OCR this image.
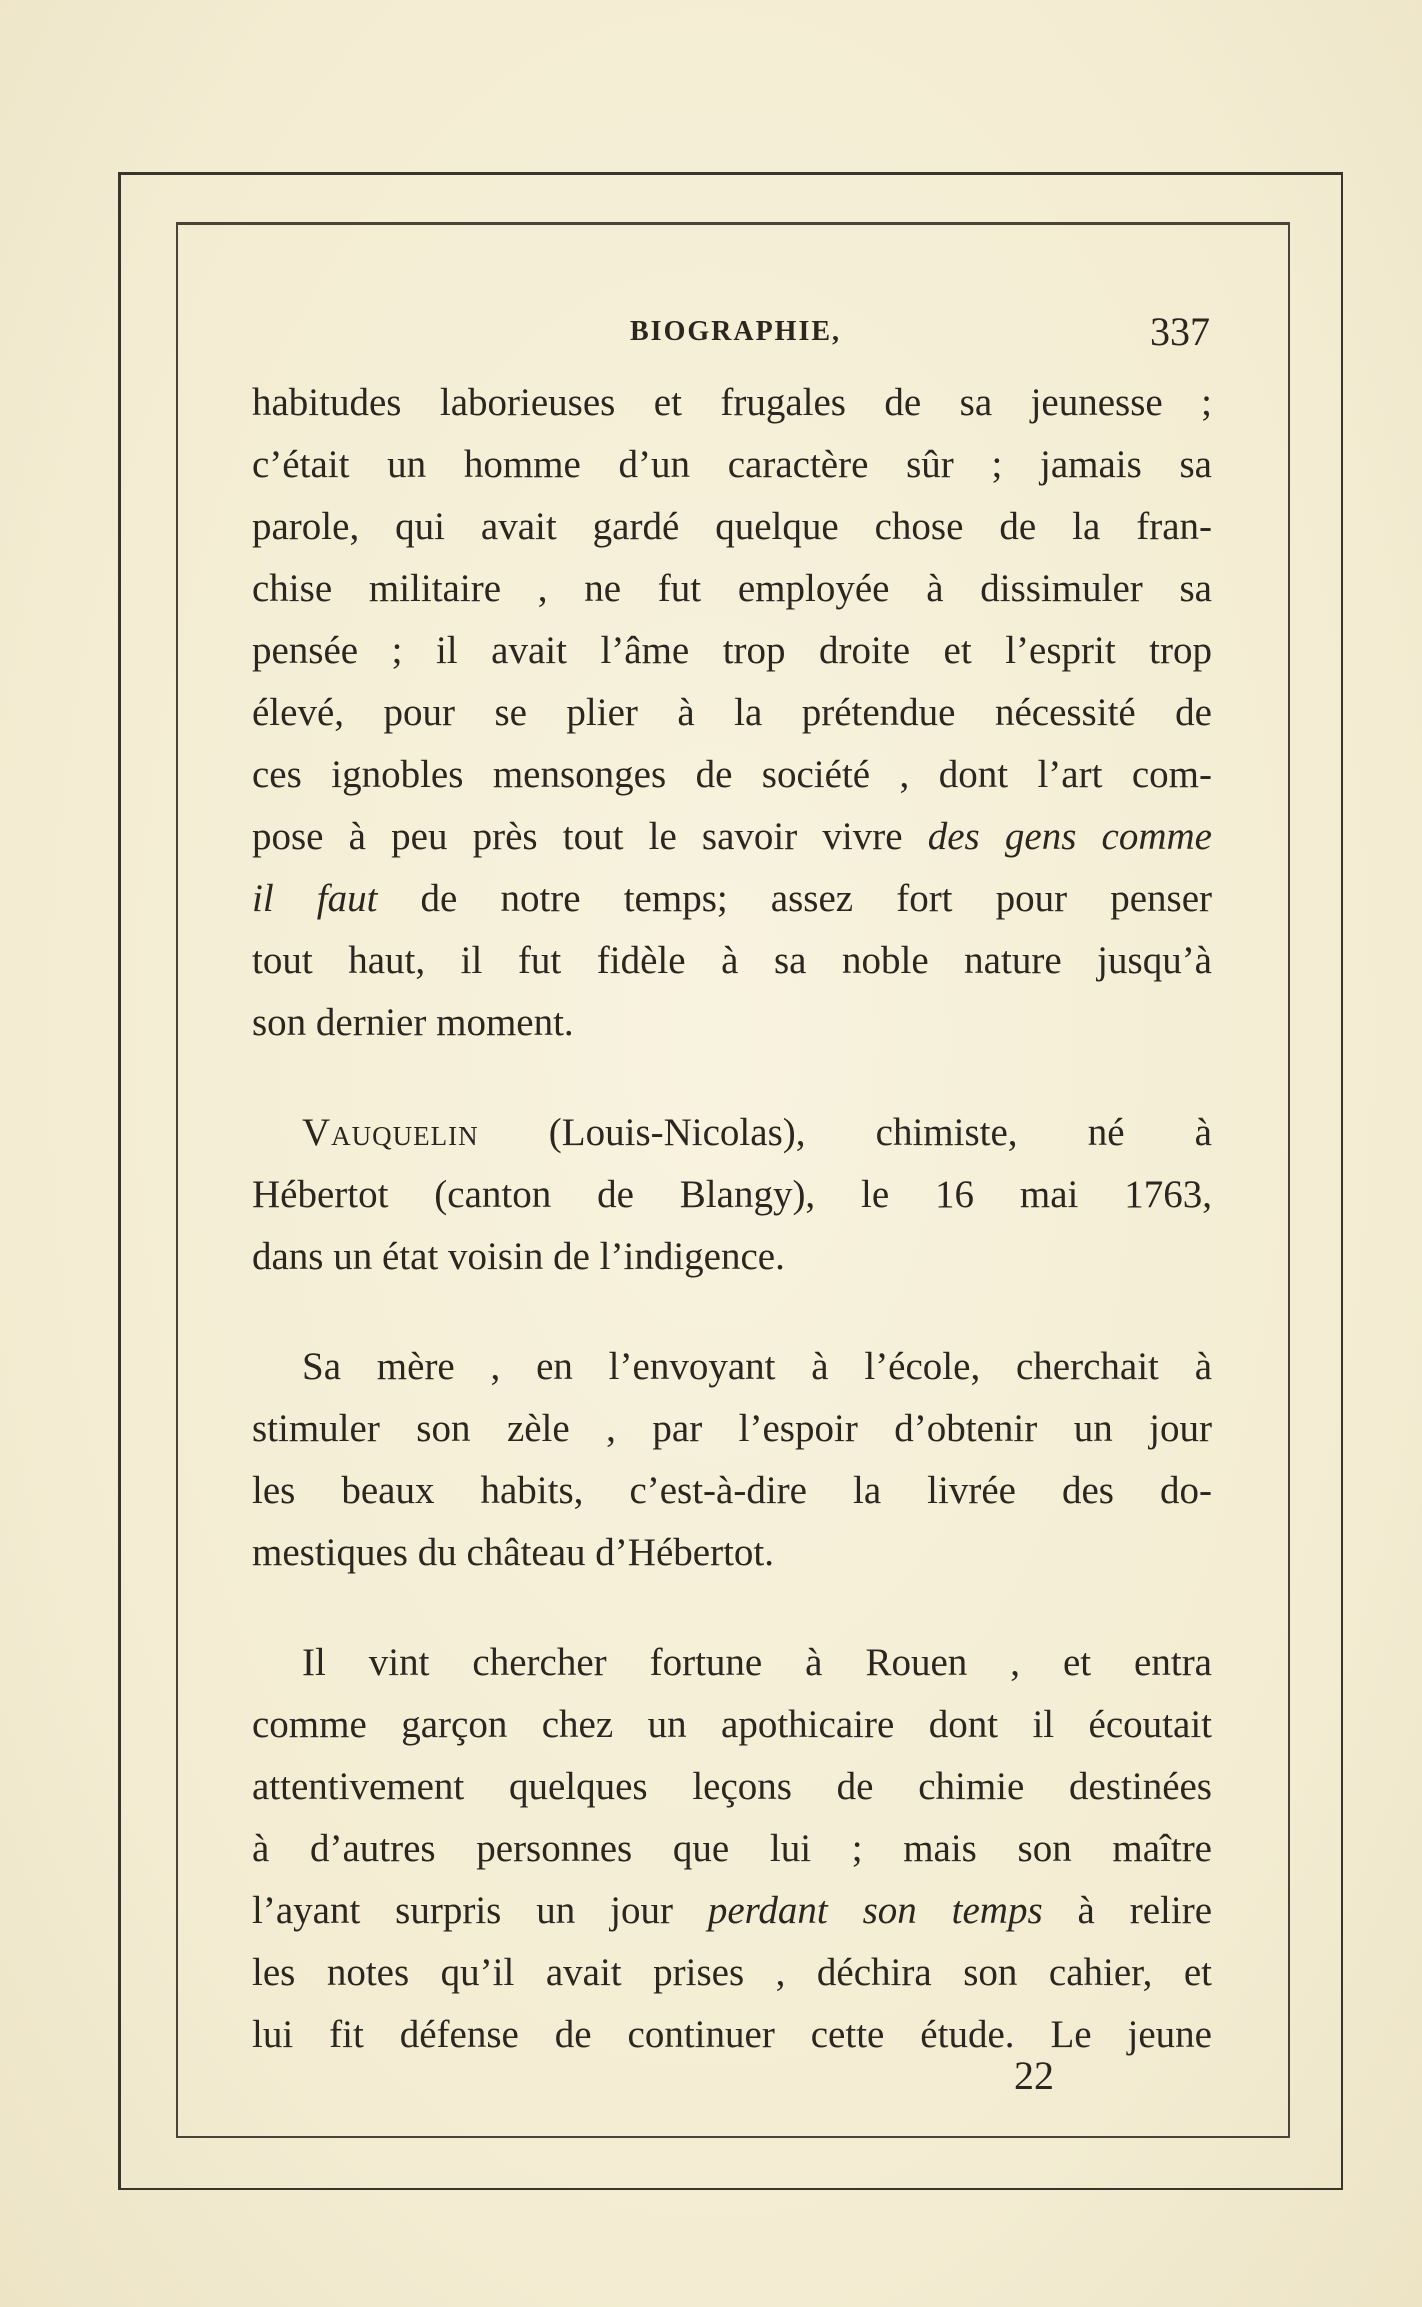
BIOGRAPHIE,	337
habitudes laborieuses et frugales de sa jeunesse ;
c’était un homme d’un caractère sûr ; jamais sa
parole, qui avait gardé quelque chose de la fran-
chise militaire , ne fut employée à dissimuler sa
pensée ; il avait l’âme trop droite et l’esprit trop
élevé, pour se plier à la prétendue nécessité de
ces ignobles mensonges de société , dont l’art com-
pose à peu près tout le savoir vivre des gens comme
il faut de notre temps; assez fort pour penser
tout haut, il fut fidèle à sa noble nature jusqu’à
son dernier moment.
Vauquelin (Louis-Nicolas), chimiste, né à
Hébertot (canton de Blangy), le 16 mai 1763,
dans un état voisin de l’indigence.
Sa mère , en l’envoyant à l’école, cherchait à
stimuler son zèle , par l’espoir d’obtenir un jour
les beaux habits, c’est-à-dire la livrée des do-
mestiques du château d’Hébertot.
Il vint chercher fortune à Rouen , et entra
comme garçon chez un apothicaire dont il écoutait
attentivement quelques leçons de chimie destinées
à d’autres personnes que lui ; mais son maître
l’ayant surpris un jour perdant son temps à relire
les notes qu’il avait prises , déchira son cahier, et
lui fit défense de continuer cette étude. Le jeune
22
